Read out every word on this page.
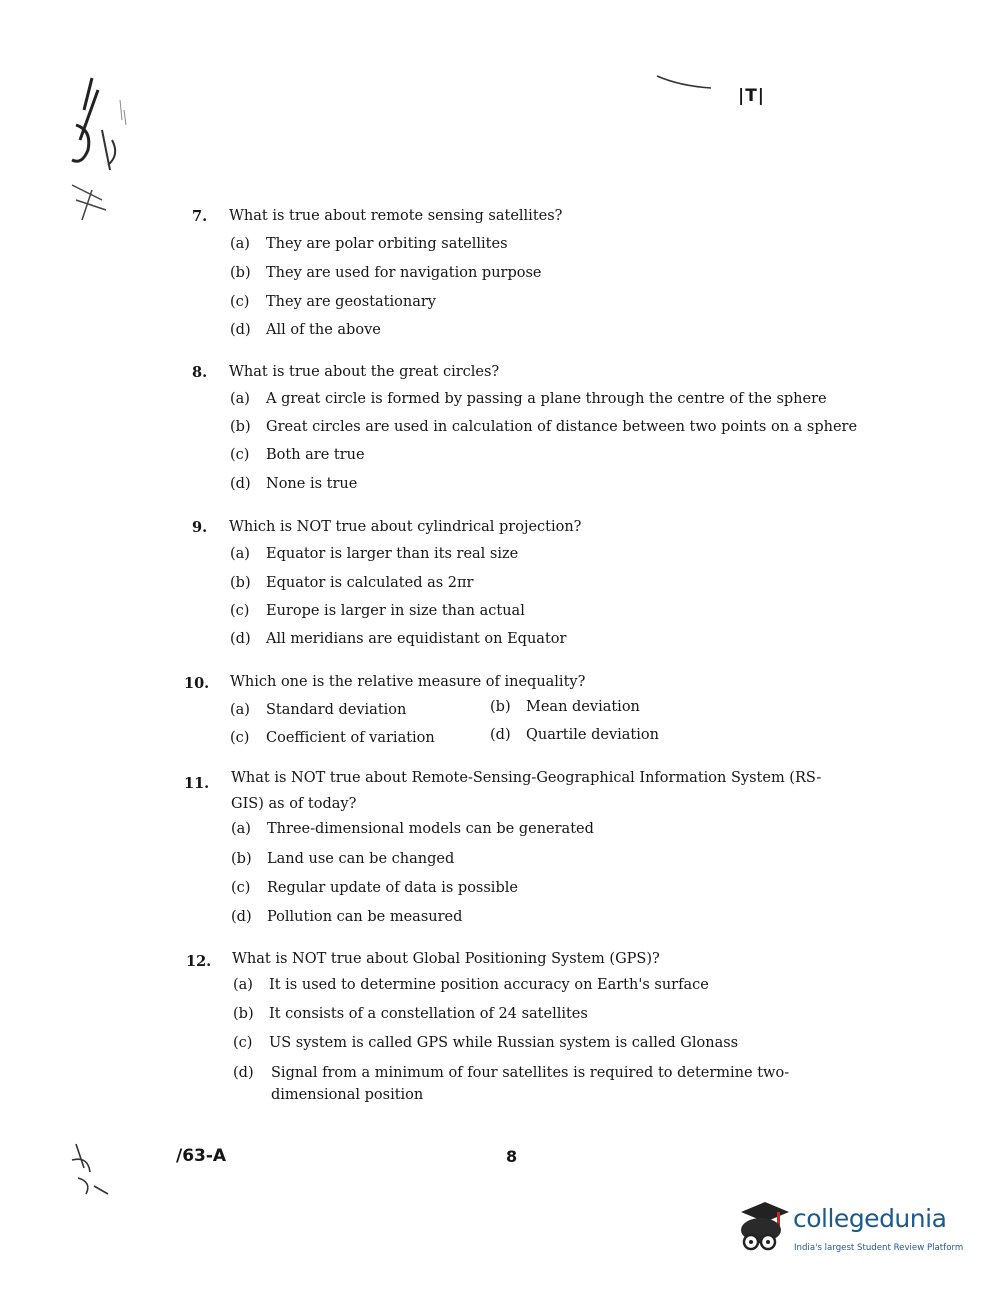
|T|
7. What is true about remote sensing satellites?
(a) They are polar orbiting satellites
(b) They are used for navigation purpose
(c) They are geostationary
(d) All of the above
8. What is true about the great circles?
(a) A great circle is formed by passing a plane through the centre of the sphere
(b) Great circles are used in calculation of distance between two points on a sphere
(c) Both are true
(d) None is true
9. Which is NOT true about cylindrical projection?
(a) Equator is larger than its real size
(b) Equator is calculated as 2πr
(c) Europe is larger in size than actual
(d) All meridians are equidistant on Equator
10. Which one is the relative measure of inequality?
(a) Standard deviation	(b) Mean deviation
(c) Coefficient of variation	(d) Quartile deviation
11. What is NOT true about Remote-Sensing-Geographical Information System (RS-GIS) as of today?
(a) Three-dimensional models can be generated
(b) Land use can be changed
(c) Regular update of data is possible
(d) Pollution can be measured
12. What is NOT true about Global Positioning System (GPS)?
(a) It is used to determine position accuracy on Earth's surface
(b) It consists of a constellation of 24 satellites
(c) US system is called GPS while Russian system is called Glonass
(d)	Signal from a minimum of four satellites is required to determine two-dimensional position
/63-A	8
collegedunia
India's largest Student Review Platform
